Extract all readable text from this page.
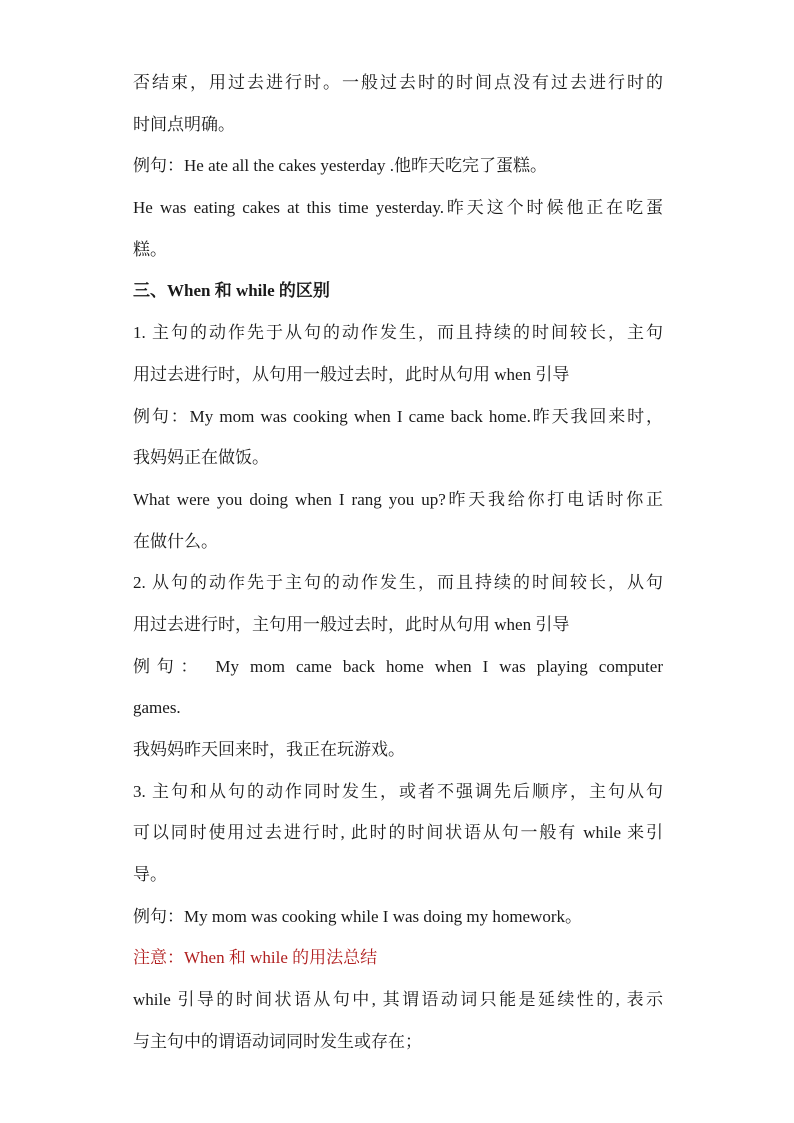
否结束，用过去进行时。一般过去时的时间点没有过去进行时的
时间点明确。
例句：He ate all the cakes yesterday .他昨天吃完了蛋糕。
He was eating cakes at this time yesterday.昨天这个时候他正在吃蛋
糕。
三、When 和 while 的区别
1. 主句的动作先于从句的动作发生，而且持续的时间较长，主句
用过去进行时，从句用一般过去时，此时从句用 when 引导
例句：My mom was cooking when I came back home.昨天我回来时，
我妈妈正在做饭。
What were you doing when I rang you up?昨天我给你打电话时你正
在做什么。
2. 从句的动作先于主句的动作发生，而且持续的时间较长，从句
用过去进行时，主句用一般过去时，此时从句用 when 引导
例句： My mom came back home when I was playing computer
games.
我妈妈昨天回来时，我正在玩游戏。
3. 主句和从句的动作同时发生，或者不强调先后顺序，主句从句
可以同时使用过去进行时, 此时的时间状语从句一般有 while 来引
导。
例句：My mom was cooking while I was doing my homework。
注意：When 和 while 的用法总结
while 引导的时间状语从句中, 其谓语动词只能是延续性的, 表示
与主句中的谓语动词同时发生或存在；
